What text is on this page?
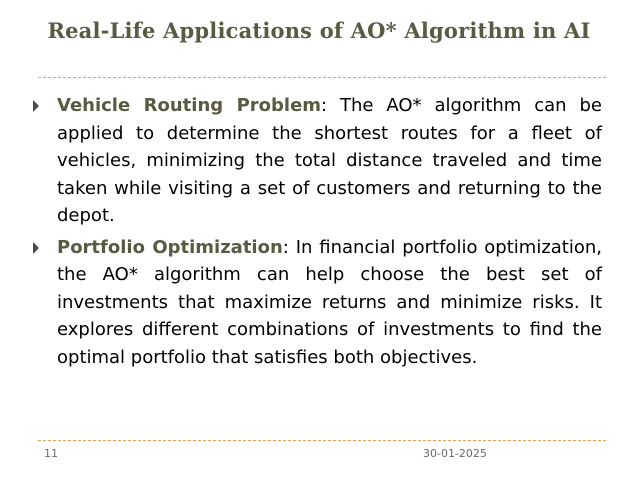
Real-Life Applications of AO* Algorithm in AI
Vehicle Routing Problem: The AO* algorithm can be applied to determine the shortest routes for a fleet of vehicles, minimizing the total distance traveled and time taken while visiting a set of customers and returning to the depot.
Portfolio Optimization: In financial portfolio optimization, the AO* algorithm can help choose the best set of investments that maximize returns and minimize risks. It explores different combinations of investments to find the optimal portfolio that satisfies both objectives.
11	30-01-2025
